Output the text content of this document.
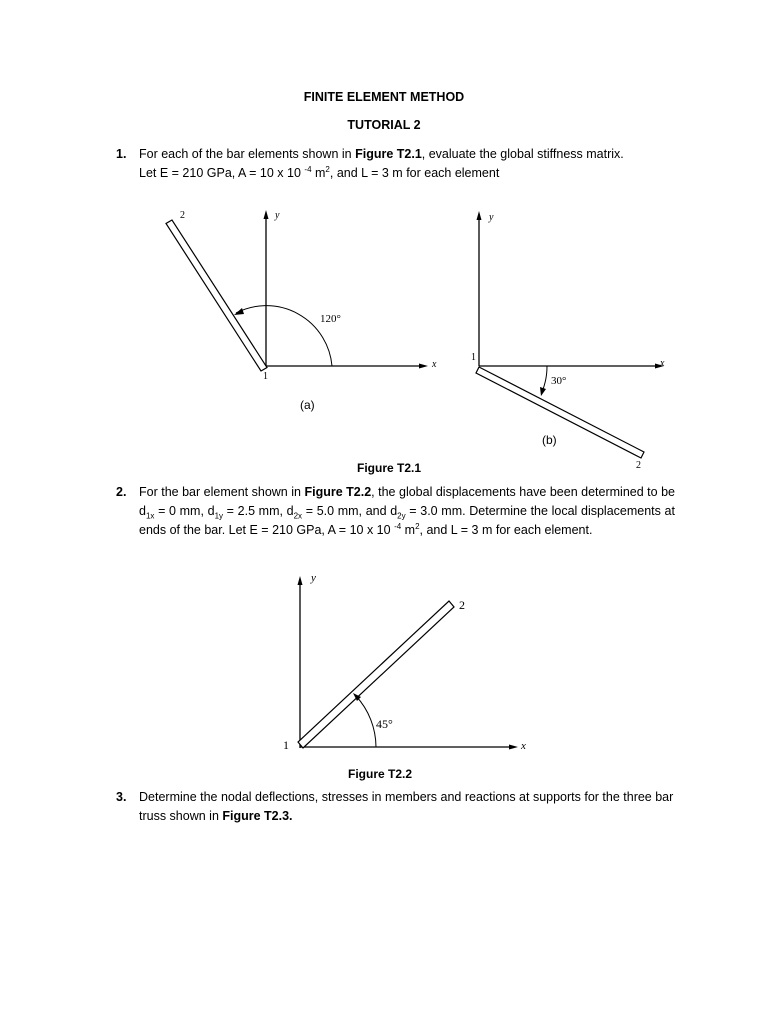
FINITE ELEMENT METHOD
TUTORIAL 2
1. For each of the bar elements shown in Figure T2.1, evaluate the global stiffness matrix. Let E = 210 GPa, A = 10 x 10 $^{-4}$ $m^2$, and L = 3 m for each element
2
1
y
x
120°
(a)
1
2
y
x
30°
(b)
Figure T2.1
2. For the bar element shown in Figure T2.2, the global displacements have been determined to be $d_{1x} = 0$ mm, $d_{1y} = 2.5$ mm, $d_{2x} = 5.0$ mm, and $d_{2y} = 3.0$ mm. Determine the local displacements at ends of the bar. Let E = 210 GPa, A = 10 x 10 $^{-4}$ $m^2$, and L = 3 m for each element.
y
2
1	x
45°
Figure T2.2
3. Determine the nodal deflections, stresses in members and reactions at supports for the three bar truss shown in Figure T2.3.
